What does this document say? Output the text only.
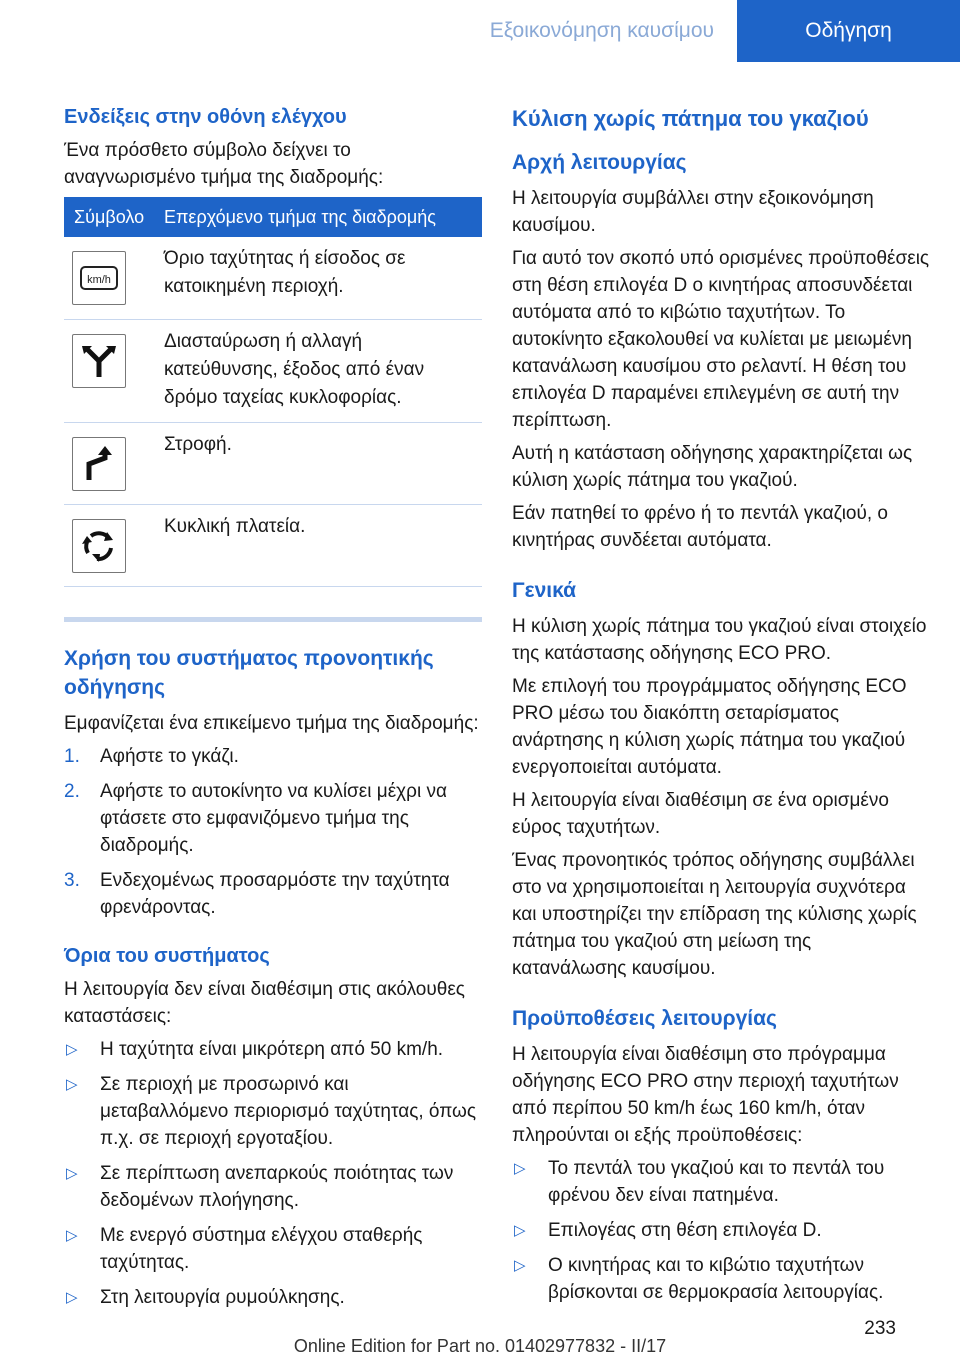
Εξοικονόμηση καυσίμου	Οδήγηση
Ενδείξεις στην οθόνη ελέγχου

Ένα πρόσθετο σύμβολο δείχνει το αναγνωρισμένο τμήμα της διαδρομής:

Σύμβολο	Επερχόμενο τμήμα της διαδρομής

km/h	Όριο ταχύτητας ή είσοδος σε κατοικημένη περιοχή.

	Διασταύρωση ή αλλαγή κατεύθυνσης, έξοδος από έναν δρόμο ταχείας κυκλοφορίας.

	Στροφή.

	Κυκλική πλατεία.
Χρήση του συστήματος προνοητικής οδήγησης

Εμφανίζεται ένα επικείμενο τμήμα της διαδρομής:

1. Αφήστε το γκάζι.
2. Αφήστε το αυτοκίνητο να κυλίσει μέχρι να φτάσετε στο εμφανιζόμενο τμήμα της διαδρομής.
3. Ενδεχομένως προσαρμόστε την ταχύτητα φρενάροντας.
Όρια του συστήματος

Η λειτουργία δεν είναι διαθέσιμη στις ακόλουθες καταστάσεις:

▷ Η ταχύτητα είναι μικρότερη από 50 km/h.
▷ Σε περιοχή με προσωρινό και μεταβαλλόμενο περιορισμό ταχύτητας, όπως π.χ. σε περιοχή εργοταξίου.
▷ Σε περίπτωση ανεπαρκούς ποιότητας των δεδομένων πλοήγησης.
▷ Με ενεργό σύστημα ελέγχου σταθερής ταχύτητας.
▷ Στη λειτουργία ρυμούλκησης.
Κύλιση χωρίς πάτημα του γκαζιού
Αρχή λειτουργίας

Η λειτουργία συμβάλλει στην εξοικονόμηση καυσίμου.

Για αυτό τον σκοπό υπό ορισμένες προϋποθέσεις στη θέση επιλογέα D ο κινητήρας αποσυνδέεται αυτόματα από το κιβώτιο ταχυτήτων. Το αυτοκίνητο εξακολουθεί να κυλίεται με μειωμένη κατανάλωση καυσίμου στο ρελαντί. Η θέση του επιλογέα D παραμένει επιλεγμένη σε αυτή την περίπτωση.

Αυτή η κατάσταση οδήγησης χαρακτηρίζεται ως κύλιση χωρίς πάτημα του γκαζιού.

Εάν πατηθεί το φρένο ή το πεντάλ γκαζιού, ο κινητήρας συνδέεται αυτόματα.

Γενικά

Η κύλιση χωρίς πάτημα του γκαζιού είναι στοιχείο της κατάστασης οδήγησης ECO PRO.

Με επιλογή του προγράμματος οδήγησης ECO PRO μέσω του διακόπτη σεταρίσματος ανάρτησης η κύλιση χωρίς πάτημα του γκαζιού ενεργοποιείται αυτόματα.

Η λειτουργία είναι διαθέσιμη σε ένα ορισμένο εύρος ταχυτήτων.

Ένας προνοητικός τρόπος οδήγησης συμβάλλει στο να χρησιμοποιείται η λειτουργία συχνότερα και υποστηρίζει την επίδραση της κύλισης χωρίς πάτημα του γκαζιού στη μείωση της κατανάλωσης καυσίμου.

Προϋποθέσεις λειτουργίας

Η λειτουργία είναι διαθέσιμη στο πρόγραμμα οδήγησης ECO PRO στην περιοχή ταχυτήτων από περίπου 50 km/h έως 160 km/h, όταν πληρούνται οι εξής προϋποθέσεις:

▷ Το πεντάλ του γκαζιού και το πεντάλ του φρένου δεν είναι πατημένα.
▷ Επιλογέας στη θέση επιλογέα D.
▷ Ο κινητήρας και το κιβώτιο ταχυτήτων βρίσκονται σε θερμοκρασία λειτουργίας.
233
Online Edition for Part no. 01402977832 - II/17
